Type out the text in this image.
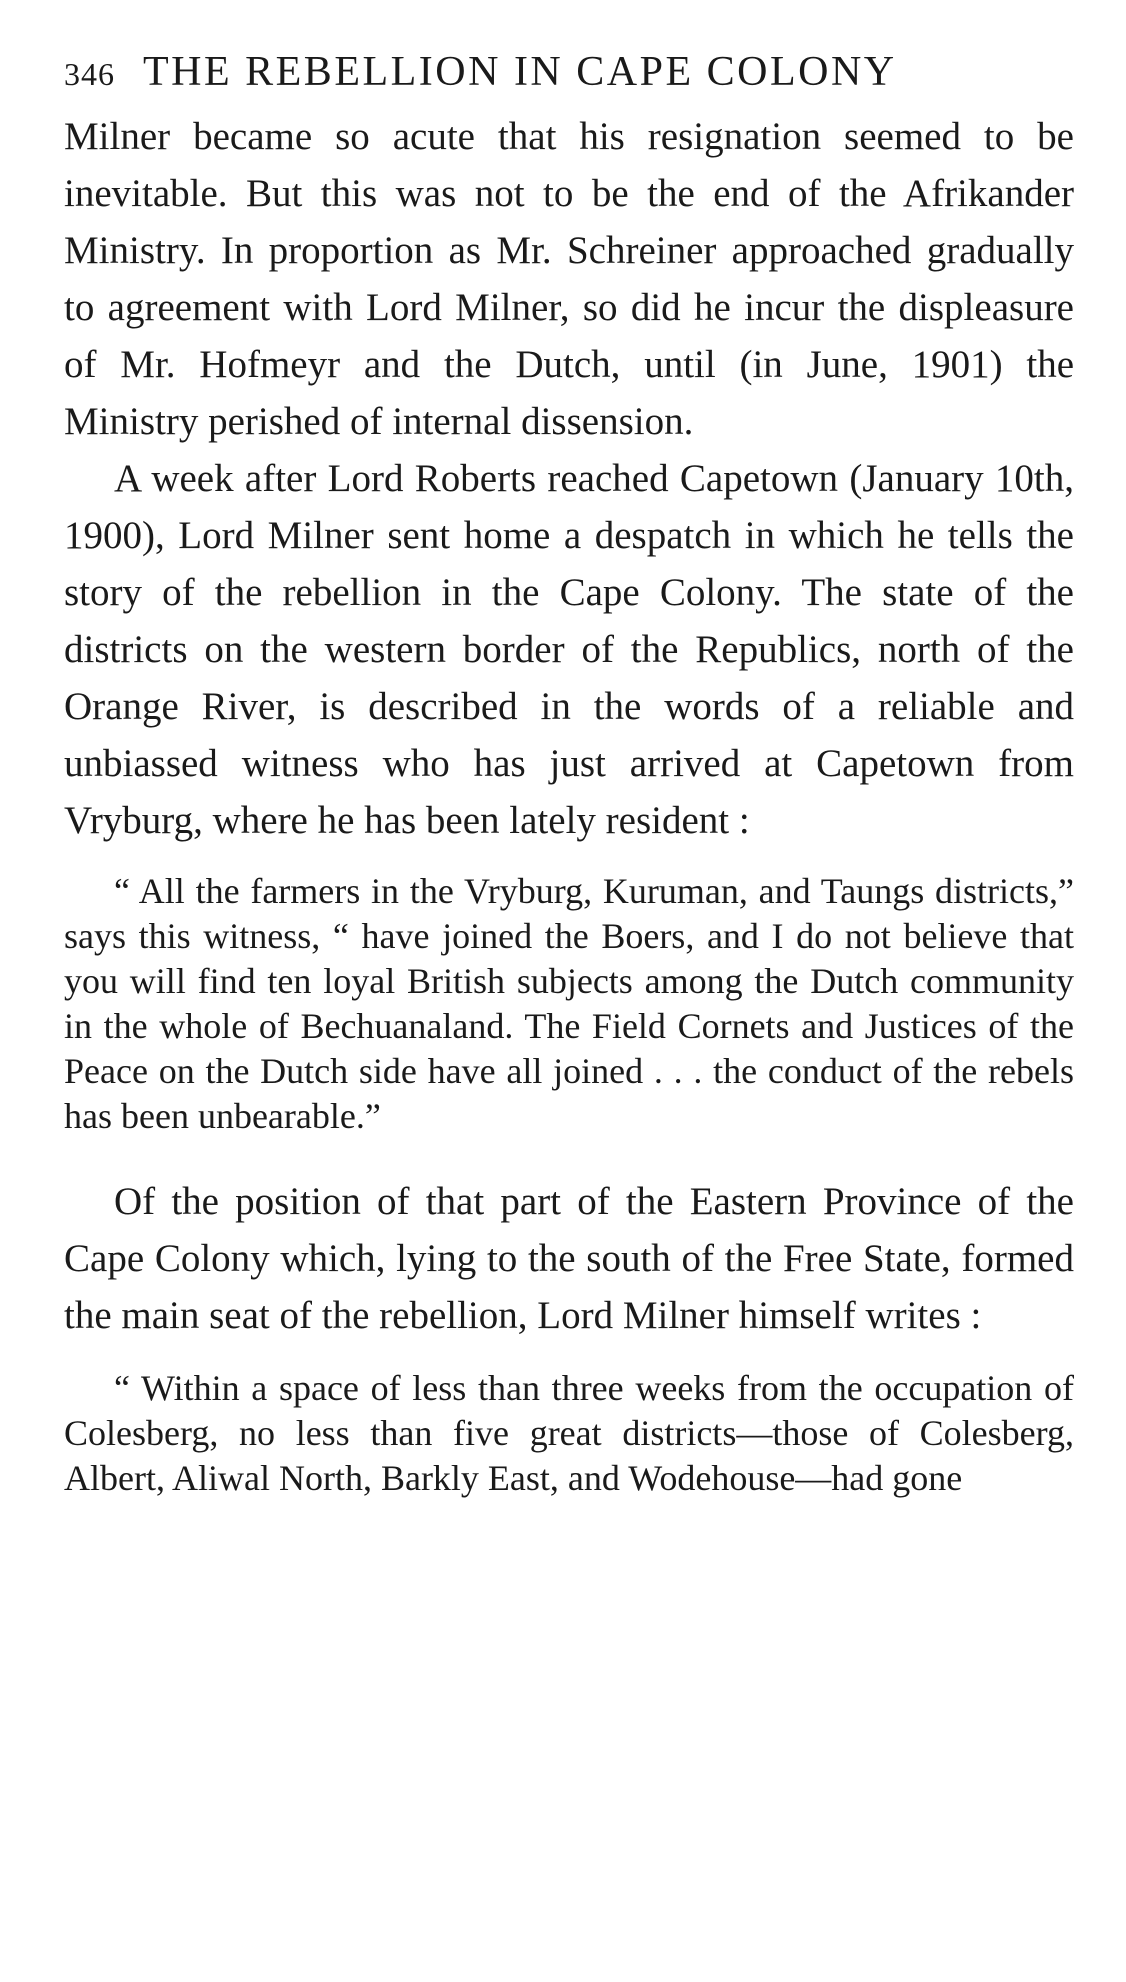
346 THE REBELLION IN CAPE COLONY

Milner became so acute that his resignation seemed to be inevitable. But this was not to be the end of the Afrikander Ministry. In proportion as Mr. Schreiner approached gradually to agreement with Lord Milner, so did he incur the displeasure of Mr. Hofmeyr and the Dutch, until (in June, 1901) the Ministry perished of internal dissension.

A week after Lord Roberts reached Capetown (January 10th, 1900), Lord Milner sent home a despatch in which he tells the story of the rebellion in the Cape Colony. The state of the districts on the western border of the Republics, north of the Orange River, is described in the words of a reliable and unbiassed witness who has just arrived at Capetown from Vryburg, where he has been lately resident :

“ All the farmers in the Vryburg, Kuruman, and Taungs districts,” says this witness, “ have joined the Boers, and I do not believe that you will find ten loyal British subjects among the Dutch community in the whole of Bechuanaland. The Field Cornets and Justices of the Peace on the Dutch side have all joined . . . the conduct of the rebels has been unbearable.”

Of the position of that part of the Eastern Province of the Cape Colony which, lying to the south of the Free State, formed the main seat of the rebellion, Lord Milner himself writes :

“ Within a space of less than three weeks from the occupation of Colesberg, no less than five great districts—those of Colesberg, Albert, Aliwal North, Barkly East, and Wodehouse—had gone
